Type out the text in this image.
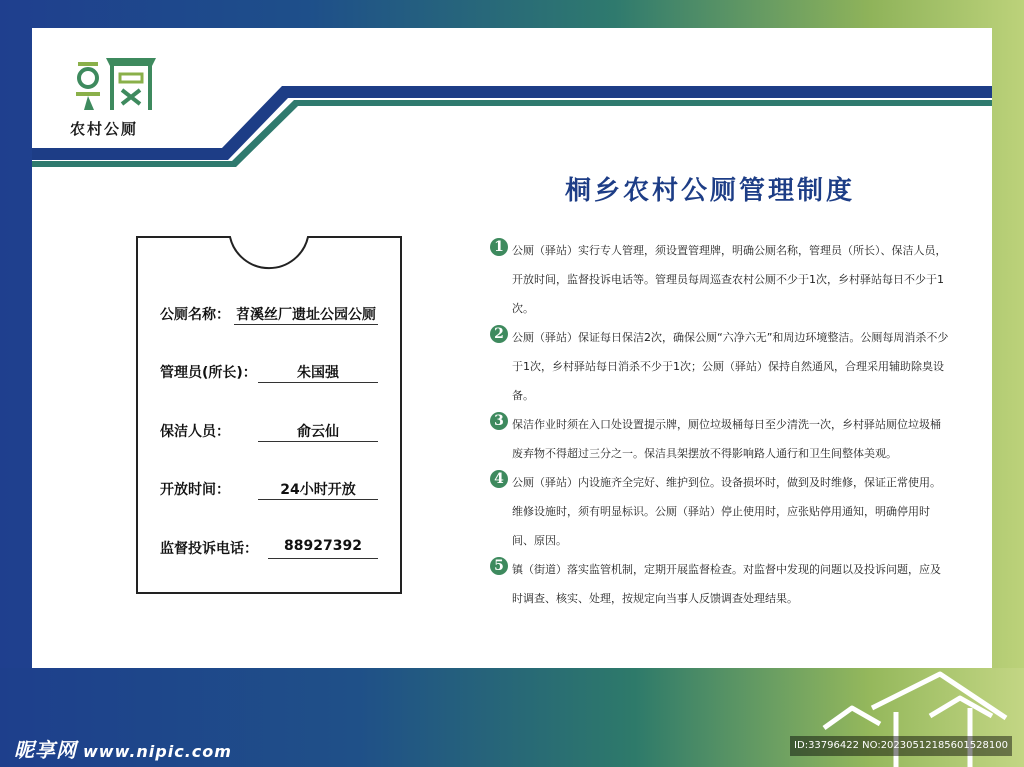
农村公厕
桐乡农村公厕管理制度
公厕名称： 苕溪丝厂遗址公园公厕
管理员(所长)：	朱国强
保洁人员：	俞云仙
开放时间：	24小时开放
监督投诉电话：	88927392
1 公厕（驿站）实行专人管理，须设置管理牌，明确公厕名称，管理员（所长）、保洁人员，开放时间，监督投诉电话等。管理员每周巡查农村公厕不少于1次，乡村驿站每日不少于1次。
2 公厕（驿站）保证每日保洁2次，确保公厕“六净六无”和周边环境整洁。公厕每周消杀不少于1次，乡村驿站每日消杀不少于1次；公厕（驿站）保持自然通风，合理采用辅助除臭设备。
3 保洁作业时须在入口处设置提示牌，厕位垃圾桶每日至少清洗一次，乡村驿站厕位垃圾桶废弃物不得超过三分之一。保洁具架摆放不得影响路人通行和卫生间整体美观。
4 公厕（驿站）内设施齐全完好、维护到位。设备损坏时，做到及时维修，保证正常使用。维修设施时，须有明显标识。公厕（驿站）停止使用时，应张贴停用通知，明确停用时间、原因。
5 镇（街道）落实监管机制，定期开展监督检查。对监督中发现的问题以及投诉问题，应及时调查、核实、处理，按规定向当事人反馈调查处理结果。
昵享网 www.nipic.com	ID:33796422 NO:20230512185601528100
